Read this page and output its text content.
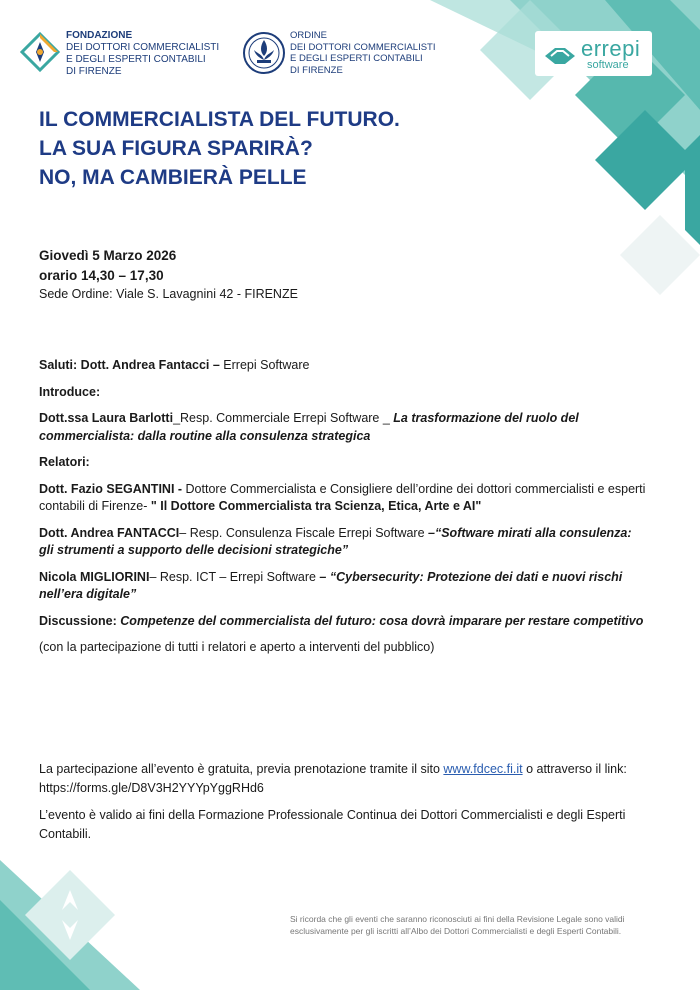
FONDAZIONE
DEI DOTTORI COMMERCIALISTI
E DEGLI ESPERTI CONTABILI
DI FIRENZE
ORDINE
DEI DOTTORI COMMERCIALISTI
E DEGLI ESPERTI CONTABILI
DI FIRENZE
errepi
software
IL COMMERCIALISTA DEL FUTURO.
LA SUA FIGURA SPARIRÀ?
NO, MA CAMBIERÀ PELLE
Giovedì 5 Marzo 2026
orario 14,30 – 17,30
Sede Ordine: Viale S. Lavagnini 42 - FIRENZE

Saluti: Dott. Andrea Fantacci – Errepi Software

Introduce:

Dott.ssa Laura Barlotti_Resp. Commerciale Errepi Software _ La trasformazione del ruolo del commercialista: dalla routine alla consulenza strategica

Relatori:

Dott. Fazio SEGANTINI - Dottore Commercialista e Consigliere dell’ordine dei dottori commercialisti e esperti contabili di Firenze- " Il Dottore Commercialista tra Scienza, Etica, Arte e AI"

Dott. Andrea FANTACCI– Resp. Consulenza Fiscale Errepi Software –“Software mirati alla consulenza: gli strumenti a supporto delle decisioni strategiche”

Nicola MIGLIORINI– Resp. ICT – Errepi Software – “Cybersecurity: Protezione dei dati e nuovi rischi nell’era digitale”

Discussione: Competenze del commercialista del futuro: cosa dovrà imparare per restare competitivo

(con la partecipazione di tutti i relatori e aperto a interventi del pubblico)

La partecipazione all’evento è gratuita, previa prenotazione tramite il sito www.fdcec.fi.it o attraverso il link: https://forms.gle/D8V3H2YYYpYggRHd6

L’evento è valido ai fini della Formazione Professionale Continua dei Dottori Commercialisti e degli Esperti Contabili.

Si ricorda che gli eventi che saranno riconosciuti ai fini della Revisione Legale sono validi esclusivamente per gli iscritti all’Albo dei Dottori Commercialisti e degli Esperti Contabili.
